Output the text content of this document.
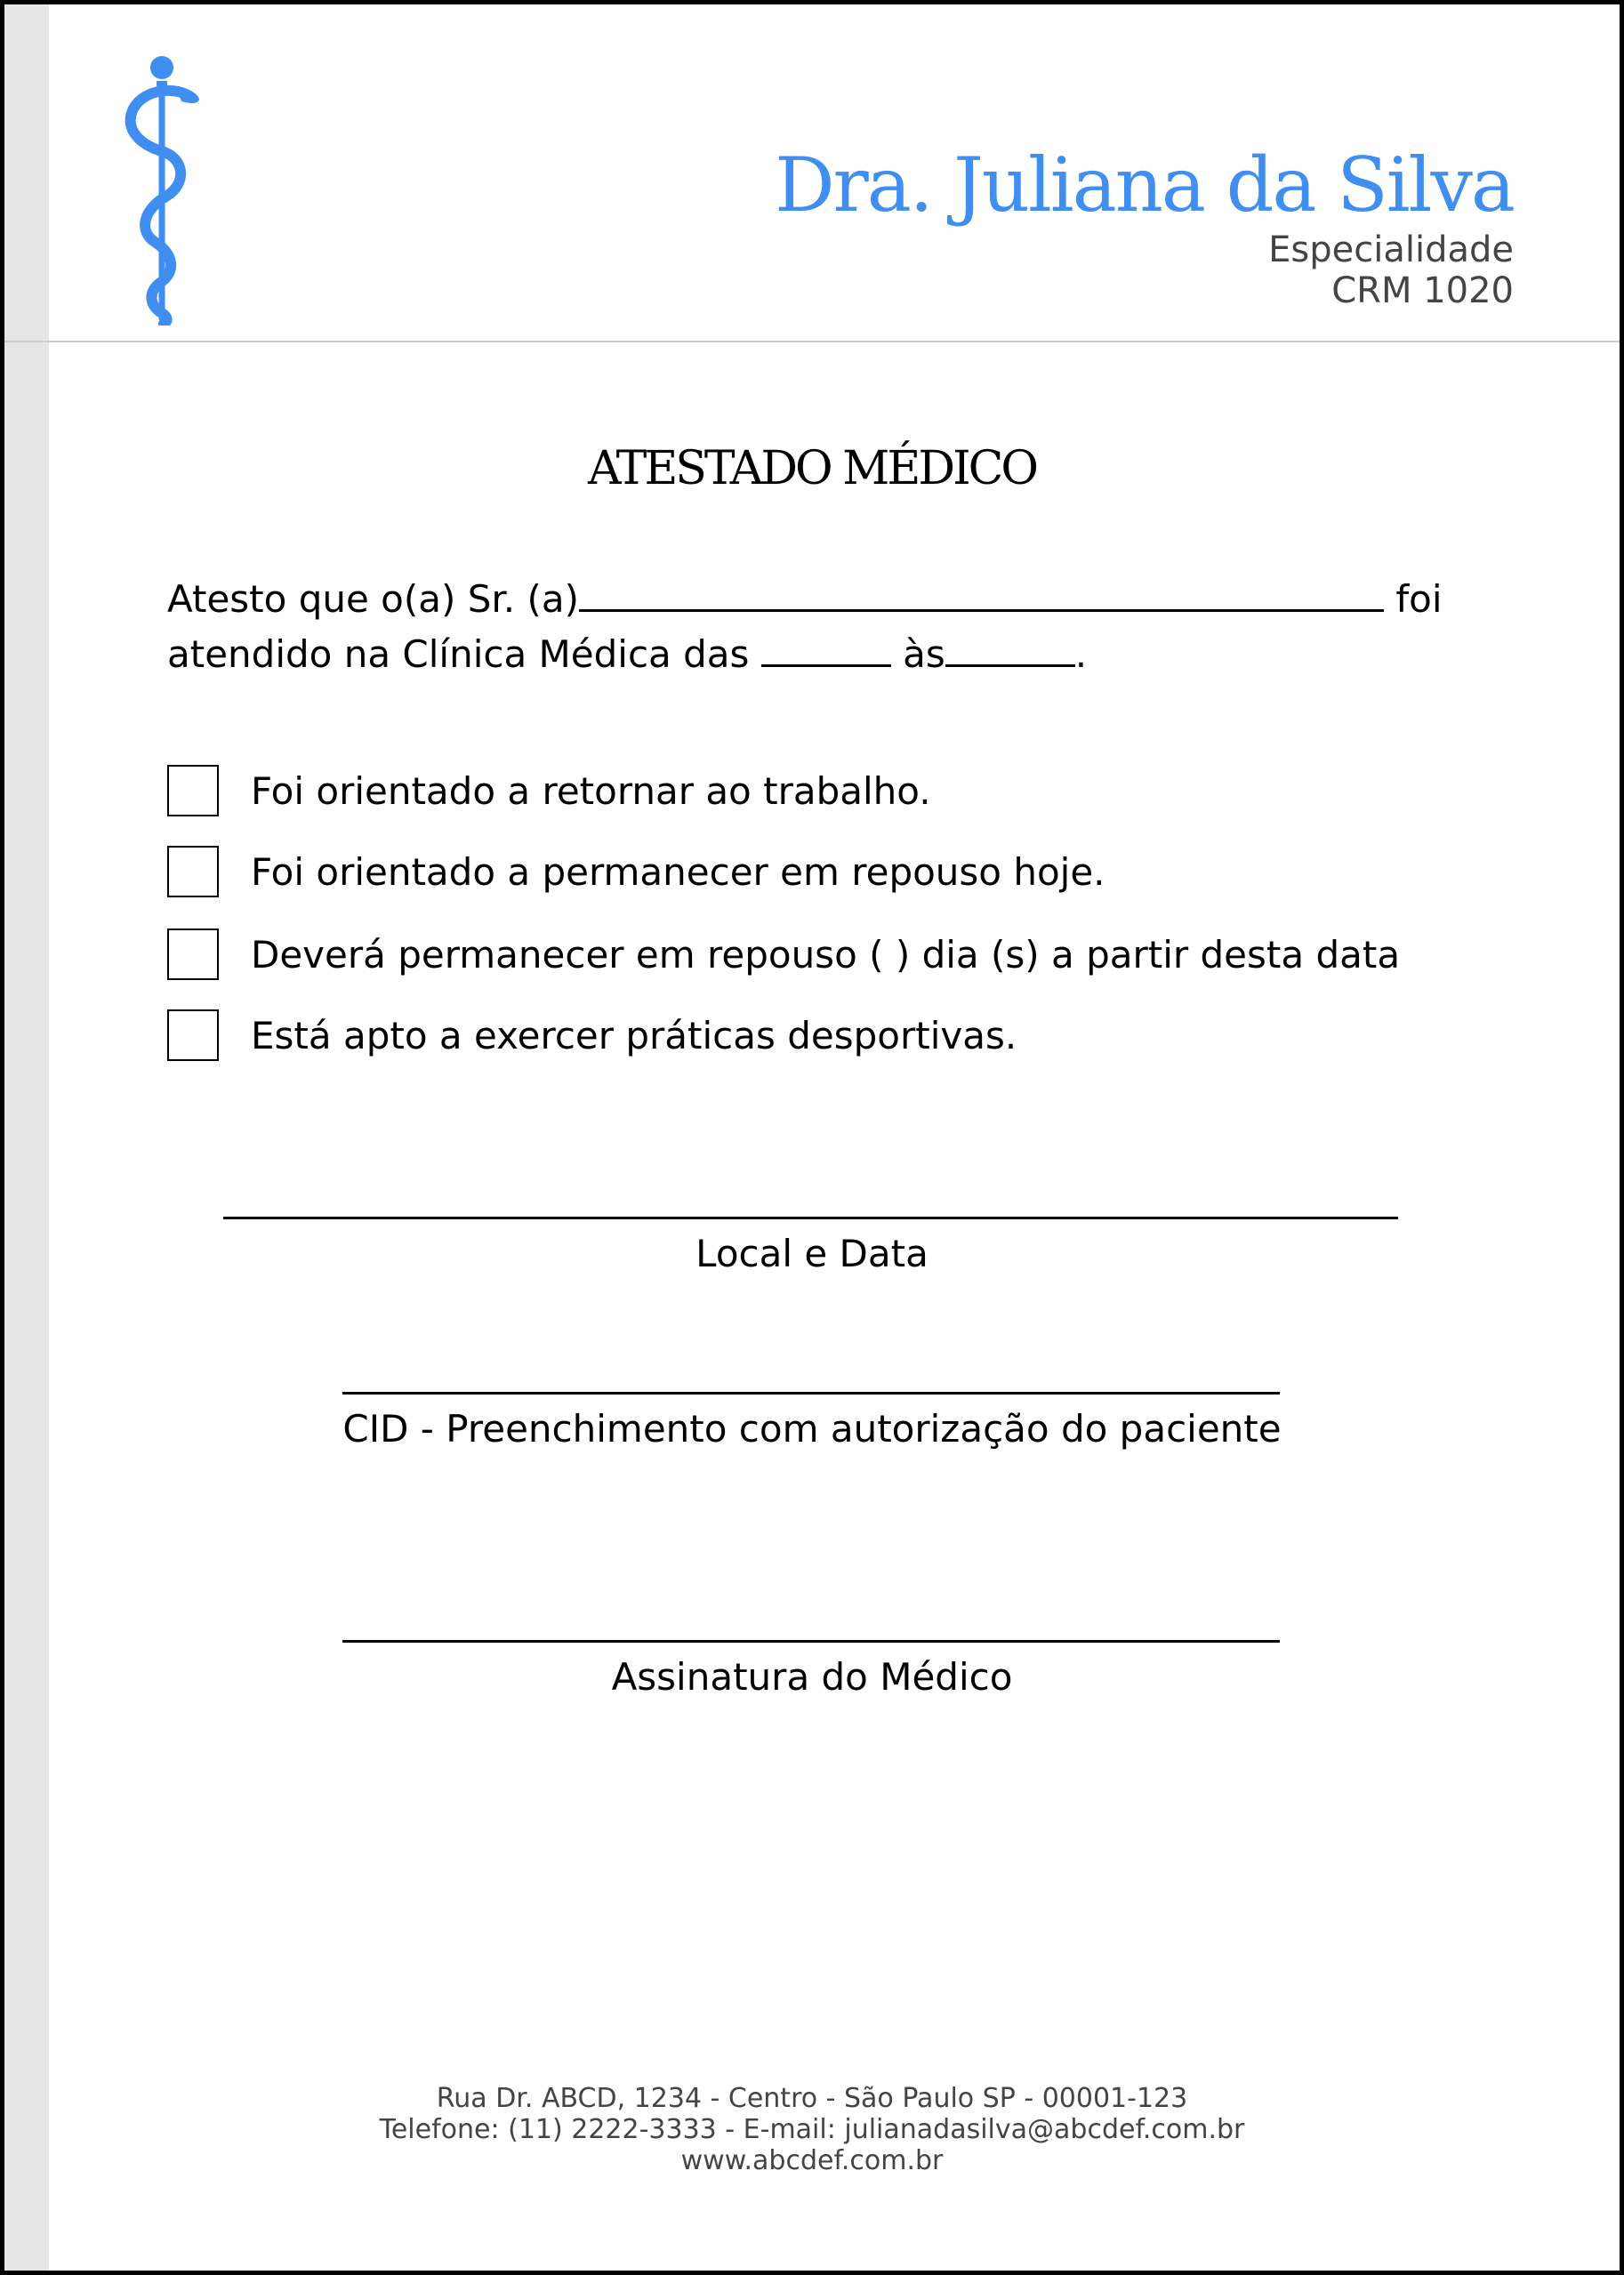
Dra. Juliana da Silva
Especialidade
CRM 1020
ATESTADO MÉDICO
Atesto que o(a) Sr. (a)	foi
atendido na Clínica Médica das	às	.
Foi orientado a retornar ao trabalho.
Foi orientado a permanecer em repouso hoje.
Deverá permanecer em repouso ( ) dia (s) a partir desta data
Está apto a exercer práticas desportivas.
Local e Data
CID - Preenchimento com autorização do paciente
Assinatura do Médico
Rua Dr. ABCD, 1234 - Centro - São Paulo SP - 00001-123
Telefone: (11) 2222-3333 - E-mail: julianadasilva@abcdef.com.br
www.abcdef.com.br
